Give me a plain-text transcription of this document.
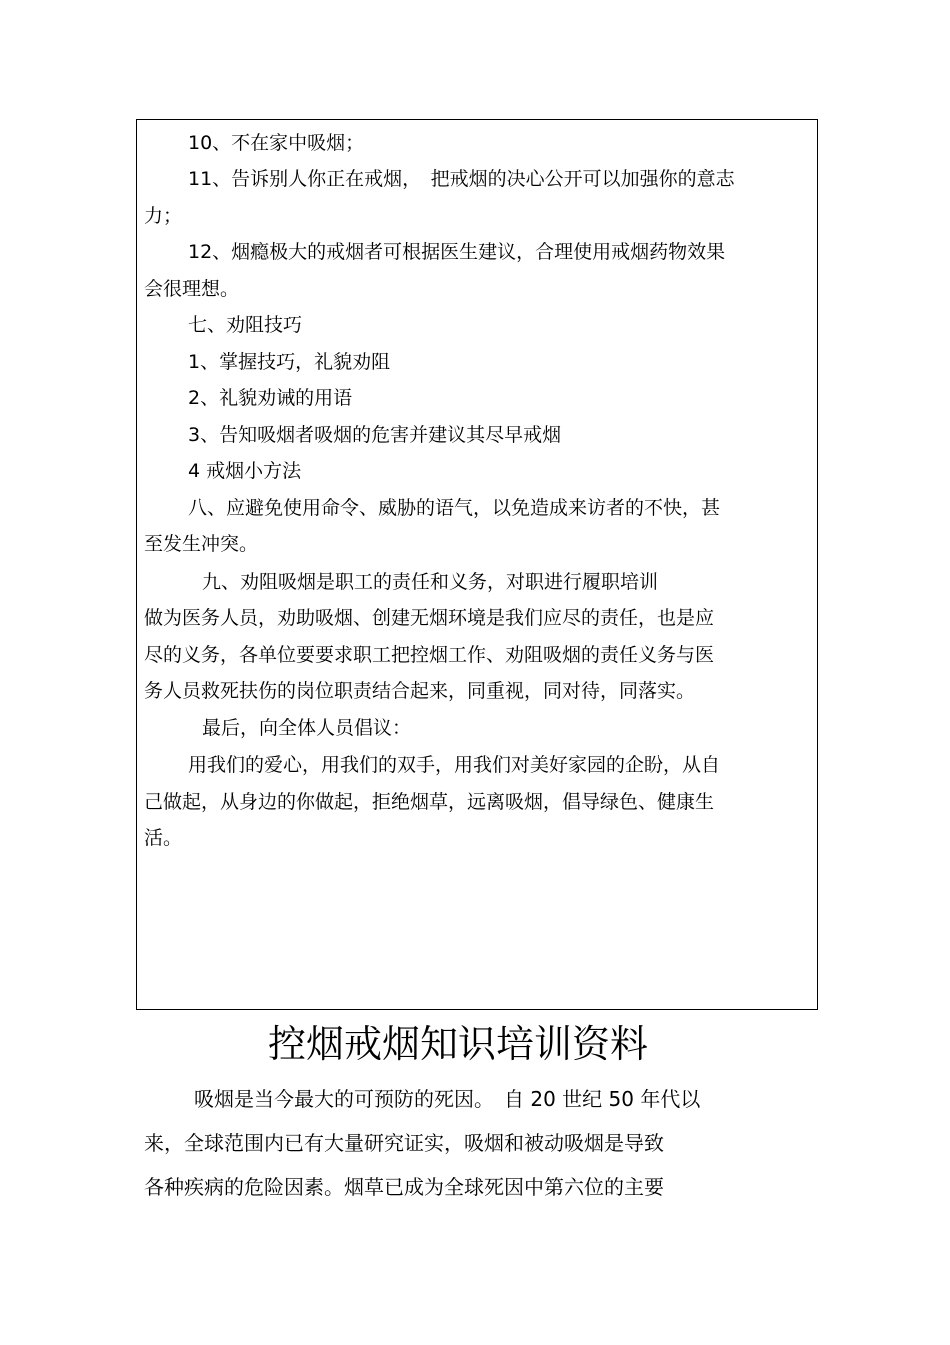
10、不在家中吸烟；
11、告诉别人你正在戒烟，　把戒烟的决心公开可以加强你的意志
力；
12、烟瘾极大的戒烟者可根据医生建议，合理使用戒烟药物效果
会很理想。
七、劝阻技巧
1、掌握技巧，礼貌劝阻
2、礼貌劝诫的用语
3、告知吸烟者吸烟的危害并建议其尽早戒烟
4 戒烟小方法
八、应避免使用命令、威胁的语气，以免造成来访者的不快，甚
至发生冲突。
九、劝阻吸烟是职工的责任和义务，对职进行履职培训
做为医务人员，劝助吸烟、创建无烟环境是我们应尽的责任，也是应
尽的义务，各单位要要求职工把控烟工作、劝阻吸烟的责任义务与医
务人员救死扶伤的岗位职责结合起来，同重视，同对待，同落实。
最后，向全体人员倡议：
用我们的爱心，用我们的双手，用我们对美好家园的企盼，从自
己做起，从身边的你做起，拒绝烟草，远离吸烟，倡导绿色、健康生
活。
控烟戒烟知识培训资料
吸烟是当今最大的可预防的死因。　自 20 世纪 50 年代以
来，全球范围内已有大量研究证实，吸烟和被动吸烟是导致
各种疾病的危险因素。烟草已成为全球死因中第六位的主要
